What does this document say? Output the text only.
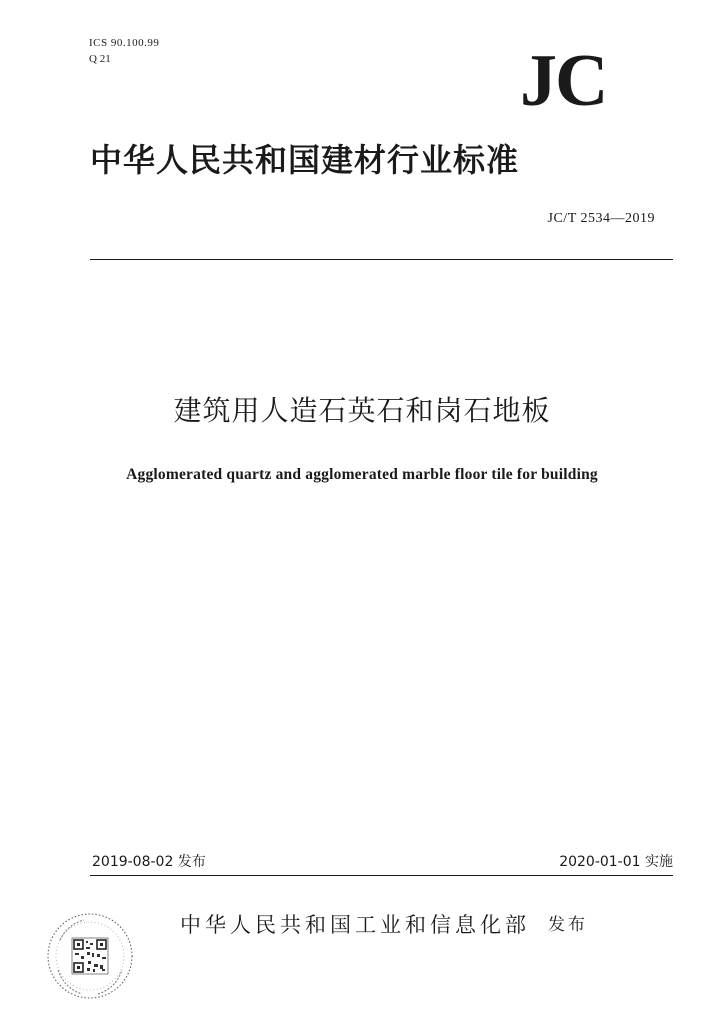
ICS 90.100.99
Q 21	JC
中华人民共和国建材行业标准
JC/T 2534—2019
建筑用人造石英石和岗石地板
Agglomerated quartz and agglomerated marble floor tile for building
2019-08-02 发布	2020-01-01 实施
中华人民共和国工业和信息化部 发布
